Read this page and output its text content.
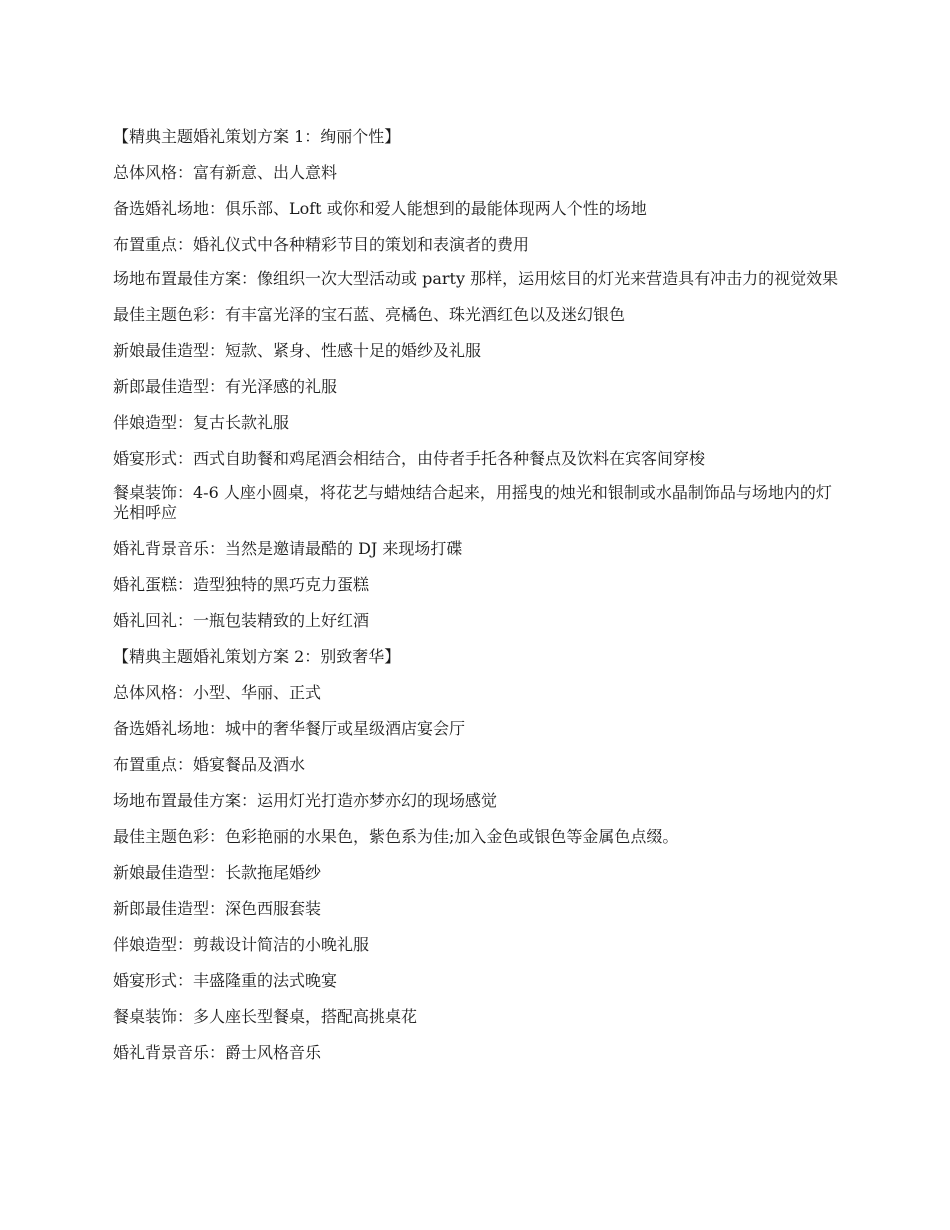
【精典主题婚礼策划方案 1：绚丽个性】

总体风格：富有新意、出人意料

备选婚礼场地：俱乐部、Loft 或你和爱人能想到的最能体现两人个性的场地

布置重点：婚礼仪式中各种精彩节目的策划和表演者的费用

场地布置最佳方案：像组织一次大型活动或 party 那样，运用炫目的灯光来营造具有冲击力的视觉效果

最佳主题色彩：有丰富光泽的宝石蓝、亮橘色、珠光酒红色以及迷幻银色

新娘最佳造型：短款、紧身、性感十足的婚纱及礼服

新郎最佳造型：有光泽感的礼服

伴娘造型：复古长款礼服

婚宴形式：西式自助餐和鸡尾酒会相结合，由侍者手托各种餐点及饮料在宾客间穿梭

餐桌装饰：4-6 人座小圆桌，将花艺与蜡烛结合起来，用摇曳的烛光和银制或水晶制饰品与场地内的灯光相呼应

婚礼背景音乐：当然是邀请最酷的 DJ 来现场打碟

婚礼蛋糕：造型独特的黑巧克力蛋糕

婚礼回礼：一瓶包装精致的上好红酒

【精典主题婚礼策划方案 2：别致奢华】

总体风格：小型、华丽、正式

备选婚礼场地：城中的奢华餐厅或星级酒店宴会厅

布置重点：婚宴餐品及酒水

场地布置最佳方案：运用灯光打造亦梦亦幻的现场感觉

最佳主题色彩：色彩艳丽的水果色，紫色系为佳;加入金色或银色等金属色点缀。

新娘最佳造型：长款拖尾婚纱

新郎最佳造型：深色西服套装

伴娘造型：剪裁设计简洁的小晚礼服

婚宴形式：丰盛隆重的法式晚宴

餐桌装饰：多人座长型餐桌，搭配高挑桌花

婚礼背景音乐：爵士风格音乐
